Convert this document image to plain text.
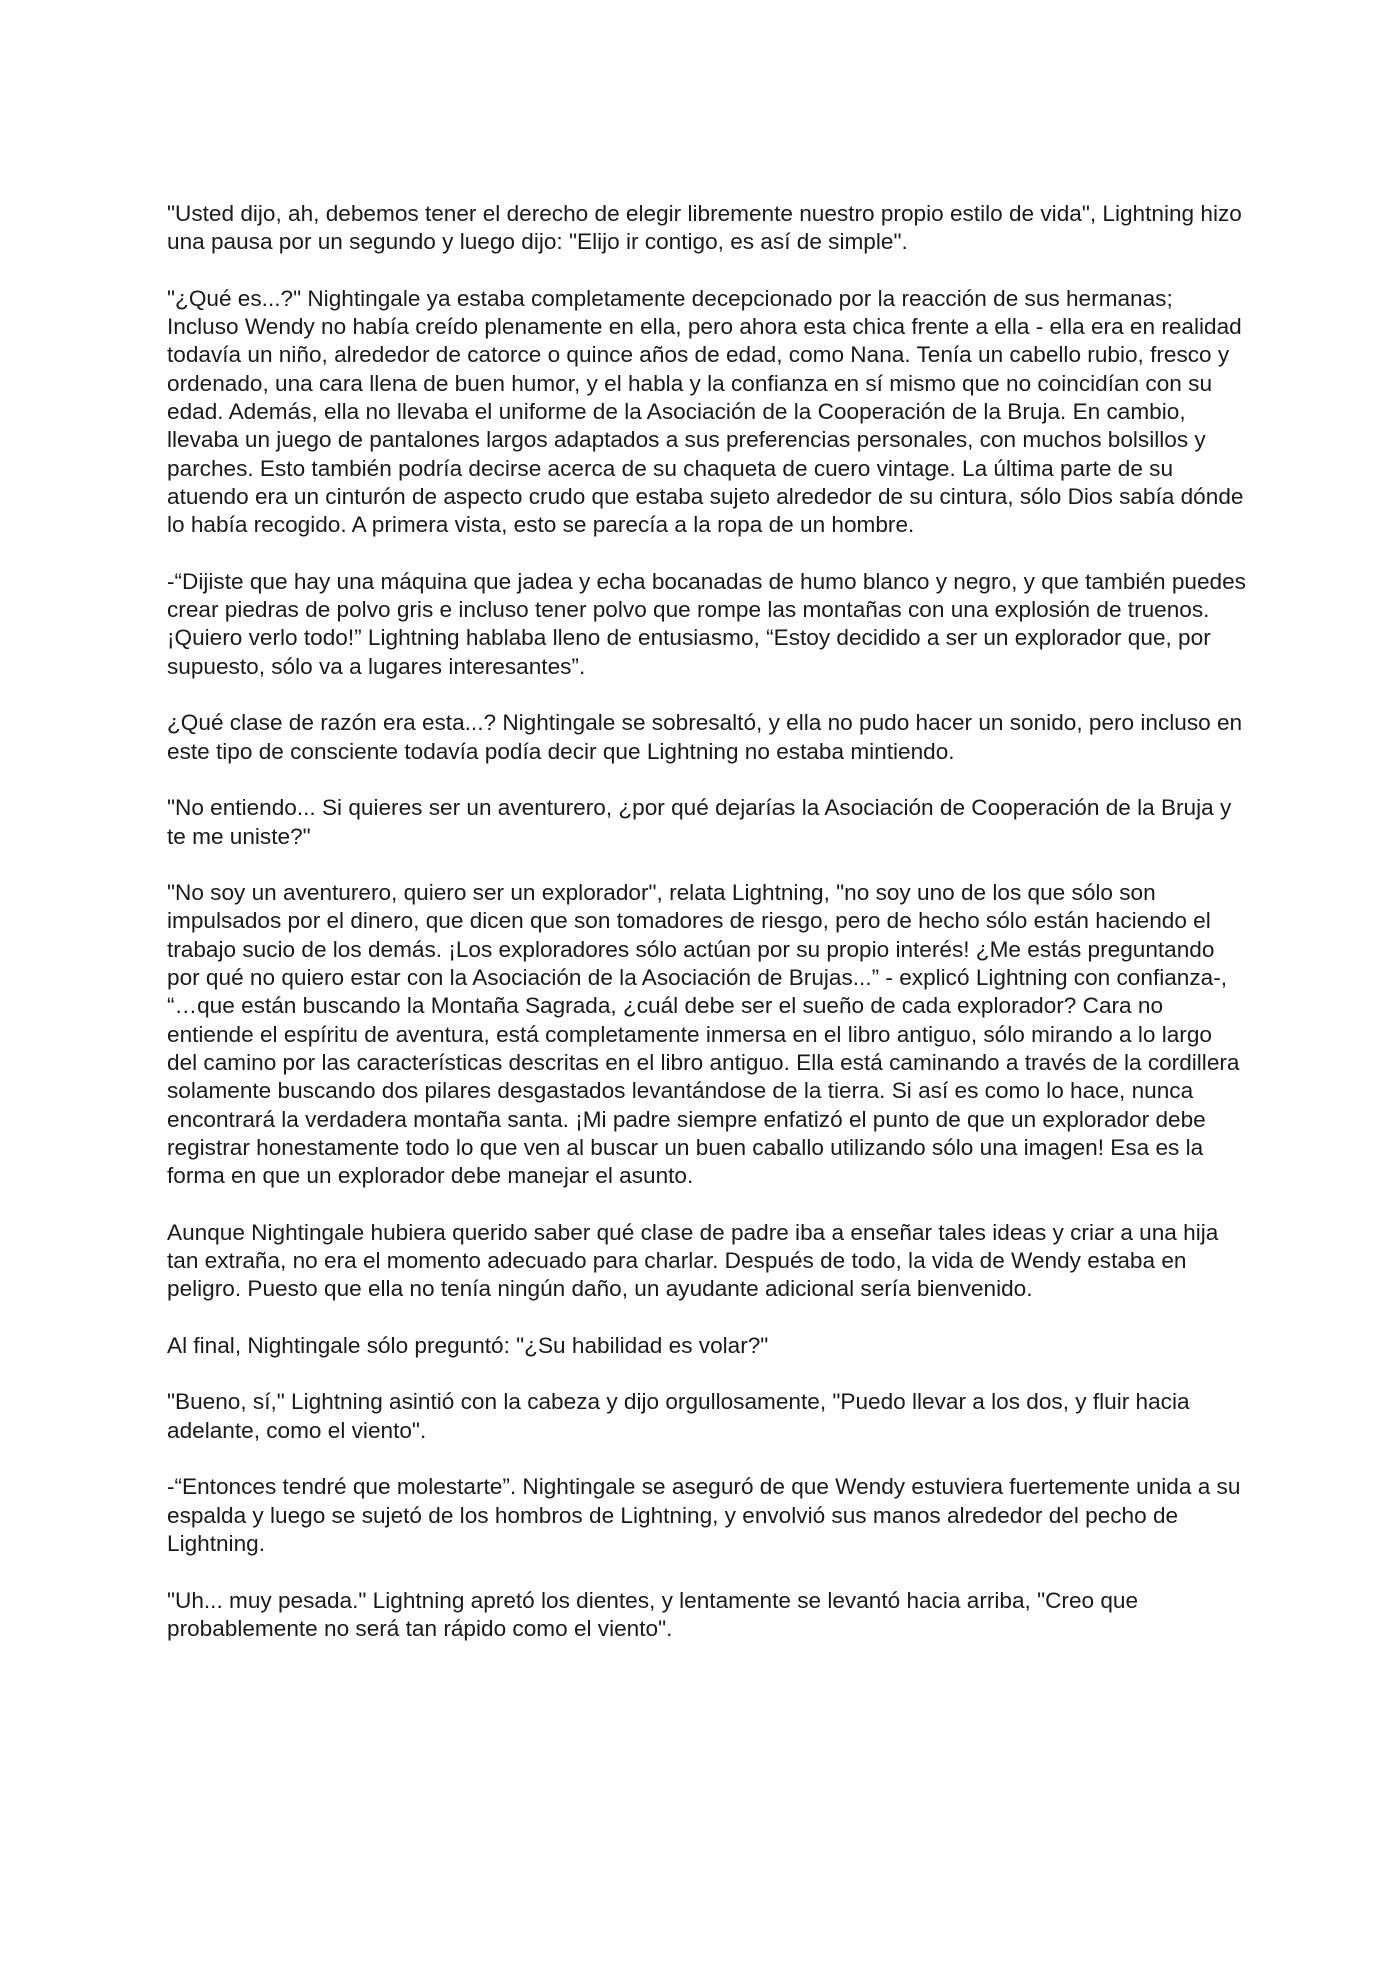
"Usted dijo, ah, debemos tener el derecho de elegir libremente nuestro propio estilo de vida", Lightning hizo una pausa por un segundo y luego dijo: "Elijo ir contigo, es así de simple".

"¿Qué es...?" Nightingale ya estaba completamente decepcionado por la reacción de sus hermanas; Incluso Wendy no había creído plenamente en ella, pero ahora esta chica frente a ella - ella era en realidad todavía un niño, alrededor de catorce o quince años de edad, como Nana. Tenía un cabello rubio, fresco y ordenado, una cara llena de buen humor, y el habla y la confianza en sí mismo que no coincidían con su edad. Además, ella no llevaba el uniforme de la Asociación de la Cooperación de la Bruja. En cambio, llevaba un juego de pantalones largos adaptados a sus preferencias personales, con muchos bolsillos y parches. Esto también podría decirse acerca de su chaqueta de cuero vintage. La última parte de su atuendo era un cinturón de aspecto crudo que estaba sujeto alrededor de su cintura, sólo Dios sabía dónde lo había recogido. A primera vista, esto se parecía a la ropa de un hombre.

-“Dijiste que hay una máquina que jadea y echa bocanadas de humo blanco y negro, y que también puedes crear piedras de polvo gris e incluso tener polvo que rompe las montañas con una explosión de truenos. ¡Quiero verlo todo!” Lightning hablaba lleno de entusiasmo, “Estoy decidido a ser un explorador que, por supuesto, sólo va a lugares interesantes”.

¿Qué clase de razón era esta...? Nightingale se sobresaltó, y ella no pudo hacer un sonido, pero incluso en este tipo de consciente todavía podía decir que Lightning no estaba mintiendo.

"No entiendo... Si quieres ser un aventurero, ¿por qué dejarías la Asociación de Cooperación de la Bruja y te me uniste?"

"No soy un aventurero, quiero ser un explorador", relata Lightning, "no soy uno de los que sólo son impulsados por el dinero, que dicen que son tomadores de riesgo, pero de hecho sólo están haciendo el trabajo sucio de los demás. ¡Los exploradores sólo actúan por su propio interés! ¿Me estás preguntando por qué no quiero estar con la Asociación de la Asociación de Brujas...” - explicó Lightning con confianza-, “…que están buscando la Montaña Sagrada, ¿cuál debe ser el sueño de cada explorador? Cara no entiende el espíritu de aventura, está completamente inmersa en el libro antiguo, sólo mirando a lo largo del camino por las características descritas en el libro antiguo. Ella está caminando a través de la cordillera solamente buscando dos pilares desgastados levantándose de la tierra. Si así es como lo hace, nunca encontrará la verdadera montaña santa. ¡Mi padre siempre enfatizó el punto de que un explorador debe registrar honestamente todo lo que ven al buscar un buen caballo utilizando sólo una imagen! Esa es la forma en que un explorador debe manejar el asunto.

Aunque Nightingale hubiera querido saber qué clase de padre iba a enseñar tales ideas y criar a una hija tan extraña, no era el momento adecuado para charlar. Después de todo, la vida de Wendy estaba en peligro. Puesto que ella no tenía ningún daño, un ayudante adicional sería bienvenido.

Al final, Nightingale sólo preguntó: "¿Su habilidad es volar?"

"Bueno, sí," Lightning asintió con la cabeza y dijo orgullosamente, "Puedo llevar a los dos, y fluir hacia adelante, como el viento".

-“Entonces tendré que molestarte”. Nightingale se aseguró de que Wendy estuviera fuertemente unida a su espalda y luego se sujetó de los hombros de Lightning, y envolvió sus manos alrededor del pecho de Lightning.

"Uh... muy pesada." Lightning apretó los dientes, y lentamente se levantó hacia arriba, "Creo que probablemente no será tan rápido como el viento".
